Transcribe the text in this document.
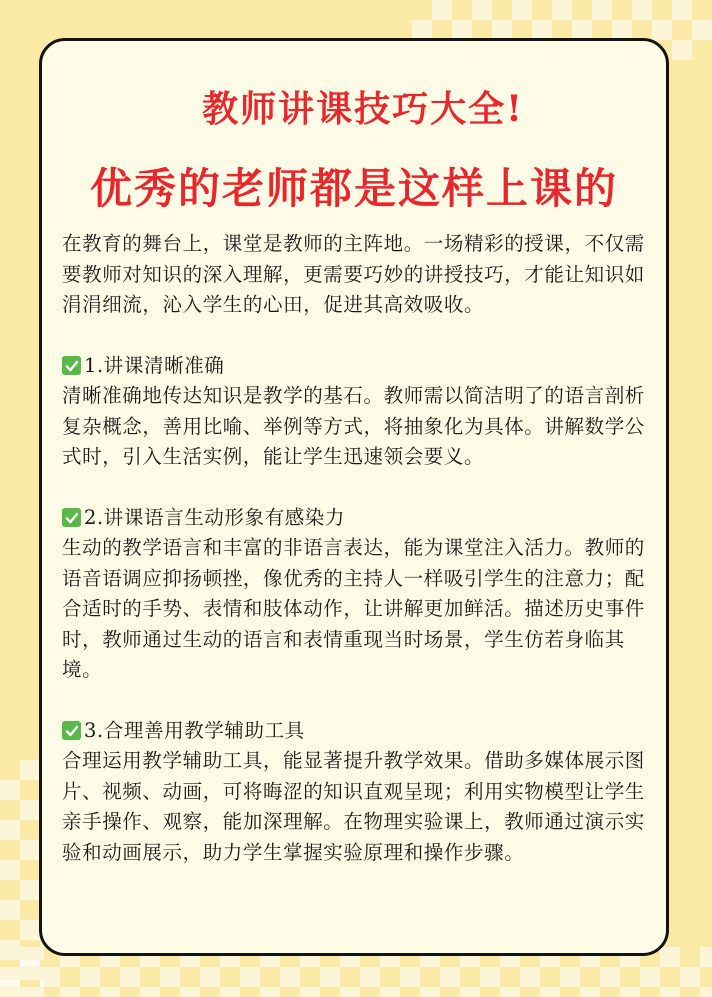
教师讲课技巧大全!
优秀的老师都是这样上课的

在教育的舞台上，课堂是教师的主阵地。一场精彩的授课，不仅需要教师对知识的深入理解，更需要巧妙的讲授技巧，才能让知识如涓涓细流，沁入学生的心田，促进其高效吸收。

1.讲课清晰准确

清晰准确地传达知识是教学的基石。教师需以简洁明了的语言剖析复杂概念，善用比喻、举例等方式，将抽象化为具体。讲解数学公式时，引入生活实例，能让学生迅速领会要义。

2.讲课语言生动形象有感染力

生动的教学语言和丰富的非语言表达，能为课堂注入活力。教师的语音语调应抑扬顿挫，像优秀的主持人一样吸引学生的注意力；配合适时的手势、表情和肢体动作，让讲解更加鲜活。描述历史事件时，教师通过生动的语言和表情重现当时场景，学生仿若身临其境。

3.合理善用教学辅助工具

合理运用教学辅助工具，能显著提升教学效果。借助多媒体展示图片、视频、动画，可将晦涩的知识直观呈现；利用实物模型让学生亲手操作、观察，能加深理解。在物理实验课上，教师通过演示实验和动画展示，助力学生掌握实验原理和操作步骤。
